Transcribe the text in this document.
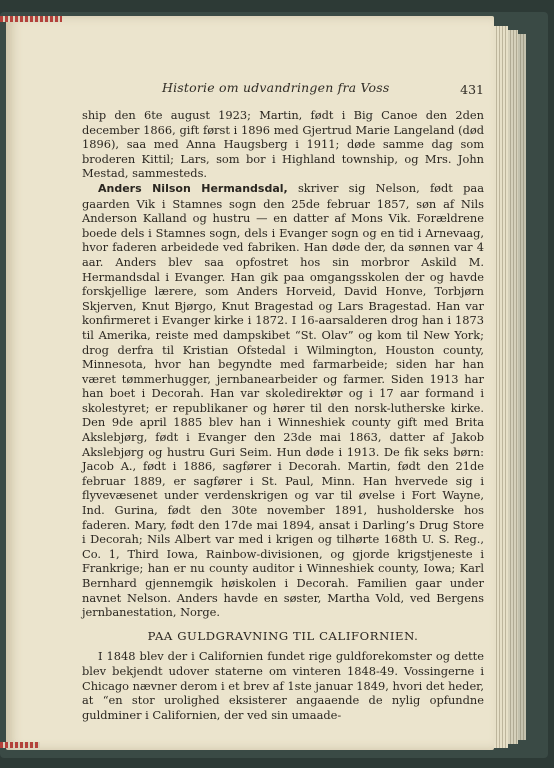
Historie om udvandringen fra Voss	431

ship den 6te august 1923; Martin, født i Big Canoe den 2den december 1866, gift først i 1896 med Gjertrud Marie Langeland (død 1896), saa med Anna Haugsberg i 1911; døde samme dag som broderen Kittil; Lars, som bor i Highland township, og Mrs. John Mestad, sammesteds.

Anders Nilson Hermandsdal, skriver sig Nelson, født paa gaarden Vik i Stamnes sogn den 25de februar 1857, søn af Nils Anderson Kalland og hustru — en datter af Mons Vik. Forældrene boede dels i Stamnes sogn, dels i Evanger sogn og en tid i Arnevaag, hvor faderen arbeidede ved fabriken. Han døde der, da sønnen var 4 aar. Anders blev saa opfostret hos sin morbror Askild M. Hermandsdal i Evanger. Han gik paa omgangsskolen der og havde forskjellige lærere, som Anders Horveid, David Honve, Torbjørn Skjerven, Knut Bjørgo, Knut Bragestad og Lars Bragestad. Han var konfirmeret i Evanger kirke i 1872. I 16-aarsalderen drog han i 1873 til Amerika, reiste med dampskibet “St. Olav” og kom til New York; drog derfra til Kristian Ofstedal i Wilmington, Houston county, Minnesota, hvor han begyndte med farmarbeide; siden har han været tømmerhugger, jernbanearbeider og farmer. Siden 1913 har han boet i Decorah. Han var skoledirektør og i 17 aar formand i skolestyret; er republikaner og hører til den norsk-lutherske kirke. Den 9de april 1885 blev han i Winneshiek county gift med Brita Akslebjørg, født i Evanger den 23de mai 1863, datter af Jakob Akslebjørg og hustru Guri Seim. Hun døde i 1913. De fik seks børn: Jacob A., født i 1886, sagfører i Decorah. Martin, født den 21de februar 1889, er sagfører i St. Paul, Minn. Han hvervede sig i flyvevæsenet under verdenskrigen og var til øvelse i Fort Wayne, Ind. Gurina, født den 30te november 1891, husholderske hos faderen. Mary, født den 17de mai 1894, ansat i Darling’s Drug Store i Decorah; Nils Albert var med i krigen og tilhørte 168th U. S. Reg., Co. 1, Third Iowa, Rainbow-divisionen, og gjorde krigstjeneste i Frankrige; han er nu county auditor i Winneshiek county, Iowa; Karl Bernhard gjennemgik høiskolen i Decorah. Familien gaar under navnet Nelson. Anders havde en søster, Martha Vold, ved Bergens jernbanestation, Norge.

PAA GULDGRAVNING TIL CALIFORNIEN.

I 1848 blev der i Californien fundet rige guldforekomster og dette blev bekjendt udover staterne om vinteren 1848-49. Vossingerne i Chicago nævner derom i et brev af 1ste januar 1849, hvori det heder, at “en stor urolighed eksisterer angaaende de nylig opfundne guldminer i Californien, der ved sin umaade-
